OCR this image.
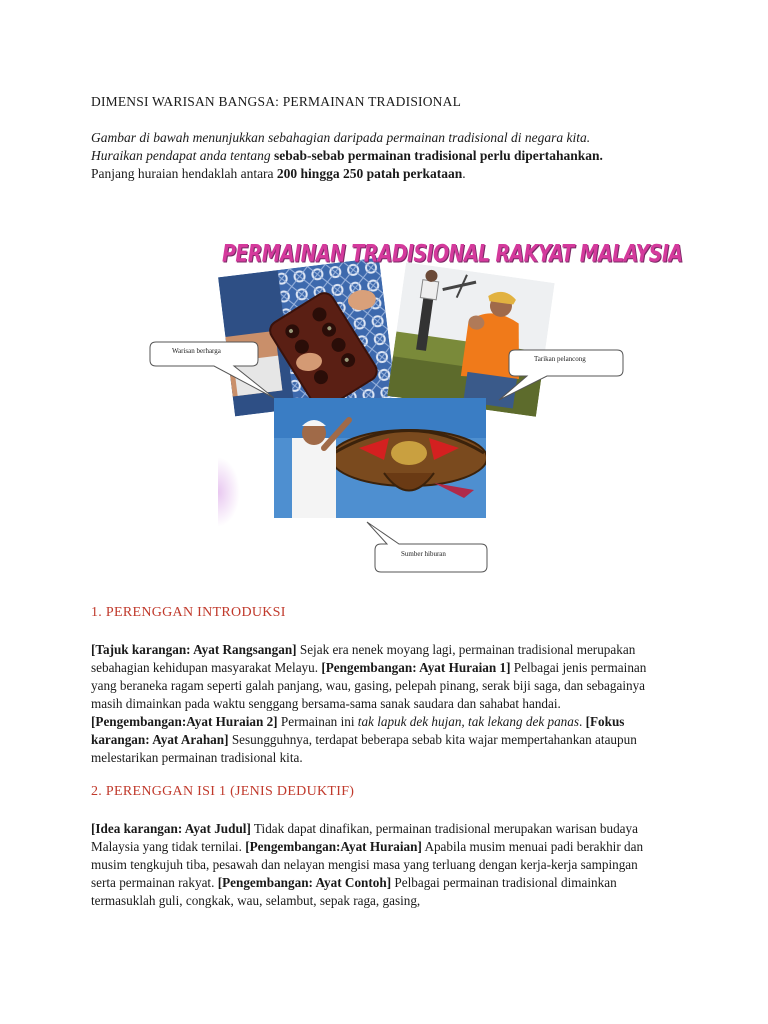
DIMENSI WARISAN BANGSA: PERMAINAN TRADISIONAL
Gambar di bawah menunjukkan sebahagian daripada permainan tradisional di negara kita.
Huraikan pendapat anda tentang sebab-sebab permainan tradisional perlu dipertahankan.
Panjang huraian hendaklah antara 200 hingga 250 patah perkataan.
PERMAINAN TRADISIONAL RAKYAT MALAYSIA
Warisan berharga
Tarikan pelancong
Sumber hiburan
1. PERENGGAN INTRODUKSI
[Tajuk karangan: Ayat Rangsangan] Sejak era nenek moyang lagi, permainan tradisional merupakan sebahagian kehidupan masyarakat Melayu. [Pengembangan: Ayat Huraian 1] Pelbagai jenis permainan yang beraneka ragam seperti galah panjang, wau, gasing, pelepah pinang, serak biji saga, dan sebagainya masih dimainkan pada waktu senggang bersama-sama sanak saudara dan sahabat handai. [Pengembangan:Ayat Huraian 2] Permainan ini tak lapuk dek hujan, tak lekang dek panas. [Fokus karangan: Ayat Arahan] Sesungguhnya, terdapat beberapa sebab kita wajar mempertahankan ataupun melestarikan permainan tradisional kita.
2. PERENGGAN ISI 1 (JENIS DEDUKTIF)
[Idea karangan: Ayat Judul] Tidak dapat dinafikan, permainan tradisional merupakan warisan budaya Malaysia yang tidak ternilai. [Pengembangan:Ayat Huraian] Apabila musim menuai padi berakhir dan musim tengkujuh tiba, pesawah dan nelayan mengisi masa yang terluang dengan kerja-kerja sampingan serta permainan rakyat. [Pengembangan: Ayat Contoh] Pelbagai permainan tradisional dimainkan termasuklah guli, congkak, wau, selambut, sepak raga, gasing,
